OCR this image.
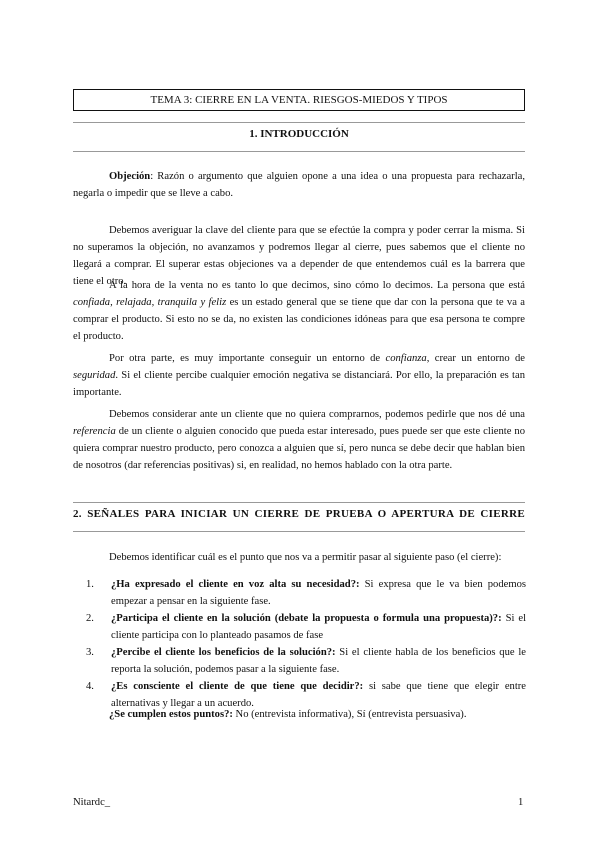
TEMA 3: CIERRE EN LA VENTA. RIESGOS-MIEDOS Y TIPOS
1. INTRODUCCIÓN

Objeción: Razón o argumento que alguien opone a una idea o una propuesta para rechazarla, negarla o impedir que se lleve a cabo.

Debemos averiguar la clave del cliente para que se efectúe la compra y poder cerrar la misma. Si no superamos la objeción, no avanzamos y podremos llegar al cierre, pues sabemos que el cliente no llegará a comprar. El superar estas objeciones va a depender de que entendemos cuál es la barrera que tiene el otro.

A la hora de la venta no es tanto lo que decimos, sino cómo lo decimos. La persona que está confiada, relajada, tranquila y feliz es un estado general que se tiene que dar con la persona que te va a comprar el producto. Si esto no se da, no existen las condiciones idóneas para que esa persona te compre el producto.

Por otra parte, es muy importante conseguir un entorno de confianza, crear un entorno de seguridad. Si el cliente percibe cualquier emoción negativa se distanciará. Por ello, la preparación es tan importante.

Debemos considerar ante un cliente que no quiera comprarnos, podemos pedirle que nos dé una referencia de un cliente o alguien conocido que pueda estar interesado, pues puede ser que este cliente no quiera comprar nuestro producto, pero conozca a alguien que sí, pero nunca se debe decir que hablan bien de nosotros (dar referencias positivas) si, en realidad, no hemos hablado con la otra parte.

2. SEÑALES PARA INICIAR UN CIERRE DE PRUEBA O APERTURA DE CIERRE

Debemos identificar cuál es el punto que nos va a permitir pasar al siguiente paso (el cierre):

1. ¿Ha expresado el cliente en voz alta su necesidad?: Si expresa que le va bien podemos empezar a pensar en la siguiente fase.
2. ¿Participa el cliente en la solución (debate la propuesta o formula una propuesta)?: Si el cliente participa con lo planteado pasamos de fase
3. ¿Percibe el cliente los beneficios de la solución?: Si el cliente habla de los beneficios que le reporta la solución, podemos pasar a la siguiente fase.
4. ¿Es consciente el cliente de que tiene que decidir?: si sabe que tiene que elegir entre alternativas y llegar a un acuerdo.
¿Se cumplen estos puntos?: No (entrevista informativa), Sí (entrevista persuasiva).
Nitardc_	1
